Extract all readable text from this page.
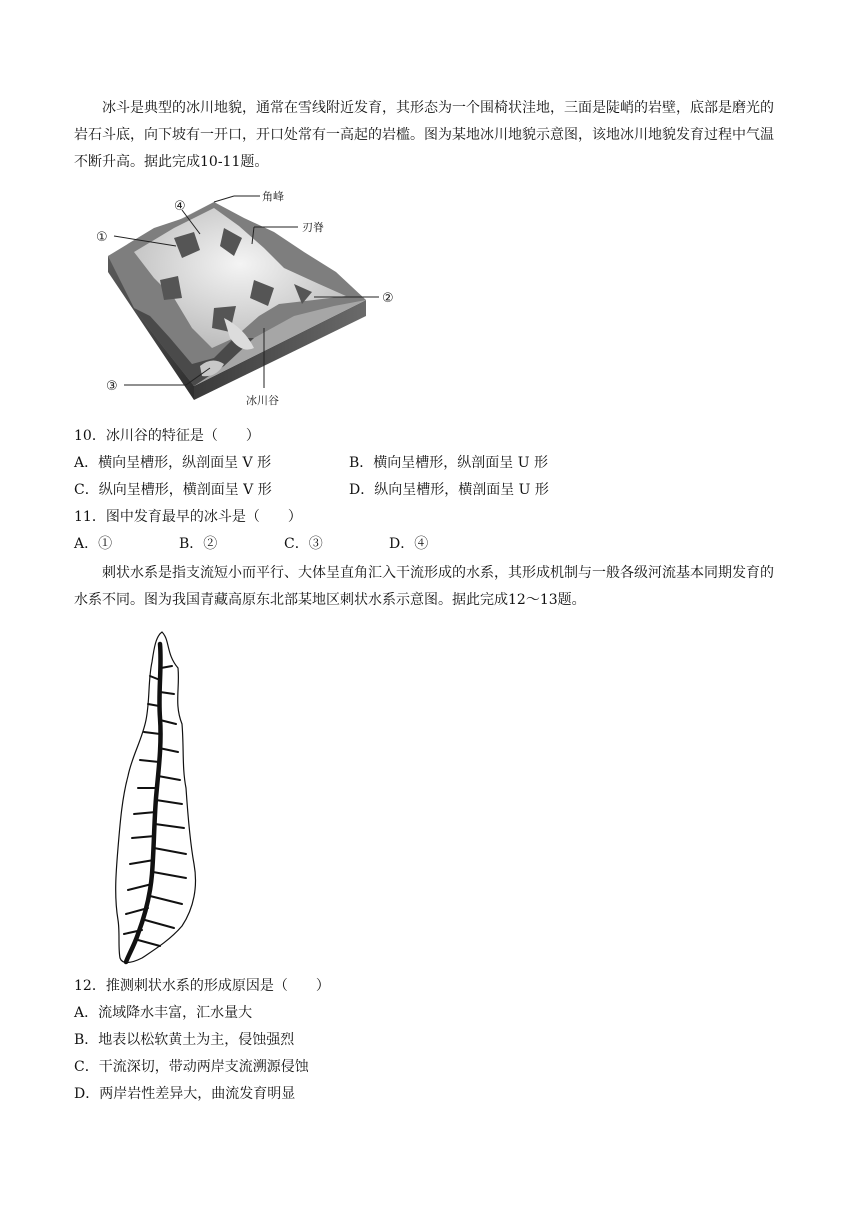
冰斗是典型的冰川地貌，通常在雪线附近发育，其形态为一个围椅状洼地，三面是陡峭的岩壁，底部是磨光的岩石斗底，向下坡有一开口，开口处常有一高起的岩槛。图为某地冰川地貌示意图，该地冰川地貌发育过程中气温不断升高。据此完成10-11题。
角峰
④
①
刃脊
②
③
冰川谷
10．冰川谷的特征是（　　）
A．横向呈槽形，纵剖面呈 V 形	B．横向呈槽形，纵剖面呈 U 形
C．纵向呈槽形，横剖面呈 V 形	D．纵向呈槽形，横剖面呈 U 形
11．图中发育最早的冰斗是（　　）
A．①	B．②	C．③	D．④
刺状水系是指支流短小而平行、大体呈直角汇入干流形成的水系，其形成机制与一般各级河流基本同期发育的水系不同。图为我国青藏高原东北部某地区刺状水系示意图。据此完成12～13题。
12．推测刺状水系的形成原因是（　　）
A．流域降水丰富，汇水量大
B．地表以松软黄土为主，侵蚀强烈
C．干流深切，带动两岸支流溯源侵蚀
D．两岸岩性差异大，曲流发育明显
